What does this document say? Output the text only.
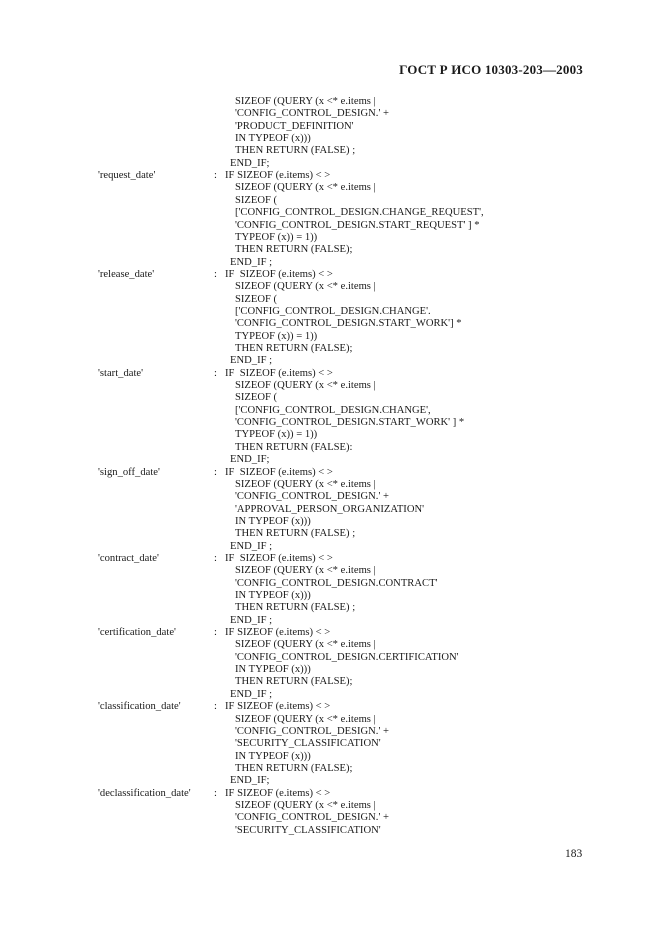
ГОСТ Р ИСО 10303-203—2003
SIZEOF (QUERY (x <* e.items |
'CONFIG_CONTROL_DESIGN.' +
'PRODUCT_DEFINITION'
IN TYPEOF (x)))
THEN RETURN (FALSE) ;
END_IF;
'request_date'	: IF SIZEOF (e.items) < >
SIZEOF (QUERY (x <* e.items |
SIZEOF (
['CONFIG_CONTROL_DESIGN.CHANGE_REQUEST',
'CONFIG_CONTROL_DESIGN.START_REQUEST' ] *
TYPEOF (x)) = 1))
THEN RETURN (FALSE);
END_IF ;
'release_date'	: IF  SIZEOF (e.items) < >
SIZEOF (QUERY (x <* e.items |
SIZEOF (
['CONFIG_CONTROL_DESIGN.CHANGE'.
'CONFIG_CONTROL_DESIGN.START_WORK'] *
TYPEOF (x)) = 1))
THEN RETURN (FALSE);
END_IF ;
'start_date'	: IF  SIZEOF (e.items) < >
SIZEOF (QUERY (x <* e.items |
SIZEOF (
['CONFIG_CONTROL_DESIGN.CHANGE',
'CONFIG_CONTROL_DESIGN.START_WORK' ] *
TYPEOF (x)) = 1))
THEN RETURN (FALSE):
END_IF;
'sign_off_date'	: IF  SIZEOF (e.items) < >
SIZEOF (QUERY (x <* e.items |
'CONFIG_CONTROL_DESIGN.' +
'APPROVAL_PERSON_ORGANIZATION'
IN TYPEOF (x)))
THEN RETURN (FALSE) ;
END_IF ;
'contract_date'	: IF  SIZEOF (e.items) < >
SIZEOF (QUERY (x <* e.items |
'CONFIG_CONTROL_DESIGN.CONTRACT'
IN TYPEOF (x)))
THEN RETURN (FALSE) ;
END_IF ;
'certification_date'	: IF SIZEOF (e.items) < >
SIZEOF (QUERY (x <* e.items |
'CONFIG_CONTROL_DESIGN.CERTIFICATION'
IN TYPEOF (x)))
THEN RETURN (FALSE);
END_IF ;
'classification_date'	: IF SIZEOF (e.items) < >
SIZEOF (QUERY (x <* e.items |
'CONFIG_CONTROL_DESIGN.' +
'SECURITY_CLASSIFICATION'
IN TYPEOF (x)))
THEN RETURN (FALSE);
END_IF;
'declassification_date' : IF SIZEOF (e.items) < >
SIZEOF (QUERY (x <* e.items |
'CONFIG_CONTROL_DESIGN.' +
'SECURITY_CLASSIFICATION'
183
